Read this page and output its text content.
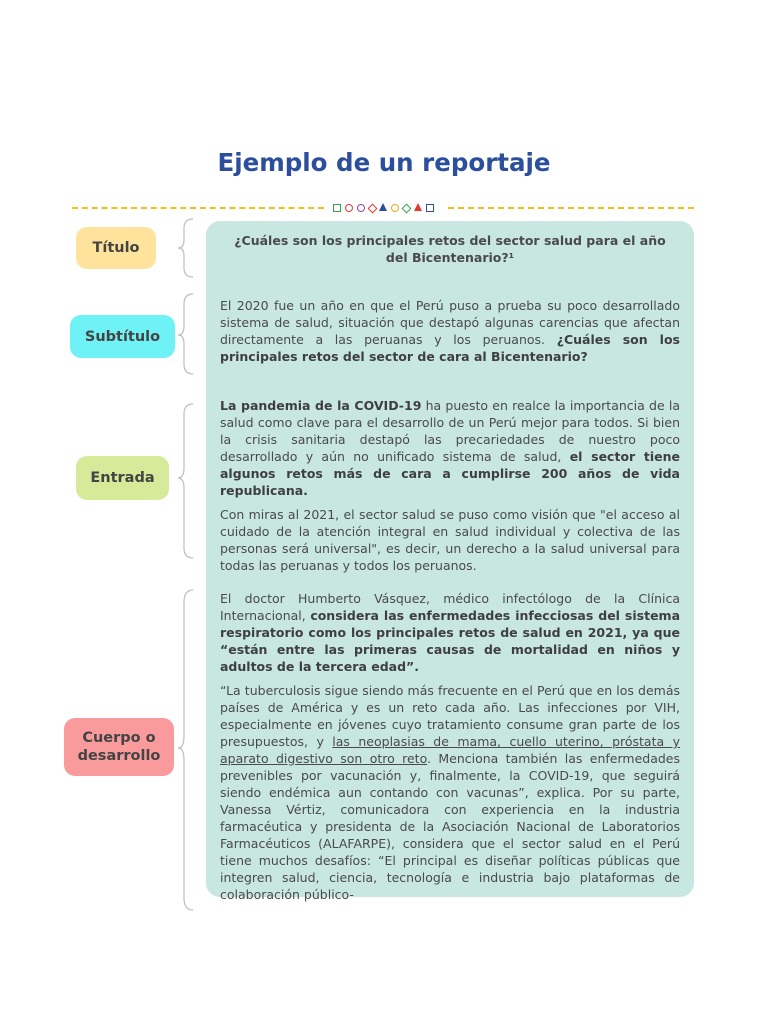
Ejemplo de un reportaje
Título
Subtítulo
Entrada
Cuerpo o
desarrollo
¿Cuáles son los principales retos del sector salud para el año
del Bicentenario?¹

El 2020 fue un año en que el Perú puso a prueba su poco desarrollado sistema de salud, situación que destapó algunas carencias que afectan directamente a las peruanas y los peruanos. ¿Cuáles son los principales retos del sector de cara al Bicentenario?

La pandemia de la COVID-19 ha puesto en realce la importancia de la salud como clave para el desarrollo de un Perú mejor para todos. Si bien la crisis sanitaria destapó las precariedades de nuestro poco desarrollado y aún no unificado sistema de salud, el sector tiene algunos retos más de cara a cumplirse 200 años de vida republicana.

Con miras al 2021, el sector salud se puso como visión que "el acceso al cuidado de la atención integral en salud individual y colectiva de las personas será universal", es decir, un derecho a la salud universal para todas las peruanas y todos los peruanos.

El doctor Humberto Vásquez, médico infectólogo de la Clínica Internacional, considera las enfermedades infecciosas del sistema respiratorio como los principales retos de salud en 2021, ya que “están entre las primeras causas de mortalidad en niños y adultos de la tercera edad”.

“La tuberculosis sigue siendo más frecuente en el Perú que en los demás países de América y es un reto cada año. Las infecciones por VIH, especialmente en jóvenes cuyo tratamiento consume gran parte de los presupuestos, y las neoplasias de mama, cuello uterino, próstata y aparato digestivo son otro reto. Menciona también las enfermedades prevenibles por vacunación y, finalmente, la COVID-19, que seguirá siendo endémica aun contando con vacunas”, explica. Por su parte, Vanessa Vértiz, comunicadora con experiencia en la industria farmacéutica y presidenta de la Asociación Nacional de Laboratorios Farmacéuticos (ALAFARPE), considera que el sector salud en el Perú tiene muchos desafíos: “El principal es diseñar políticas públicas que integren salud, ciencia, tecnología e industria bajo plataformas de colaboración público-
